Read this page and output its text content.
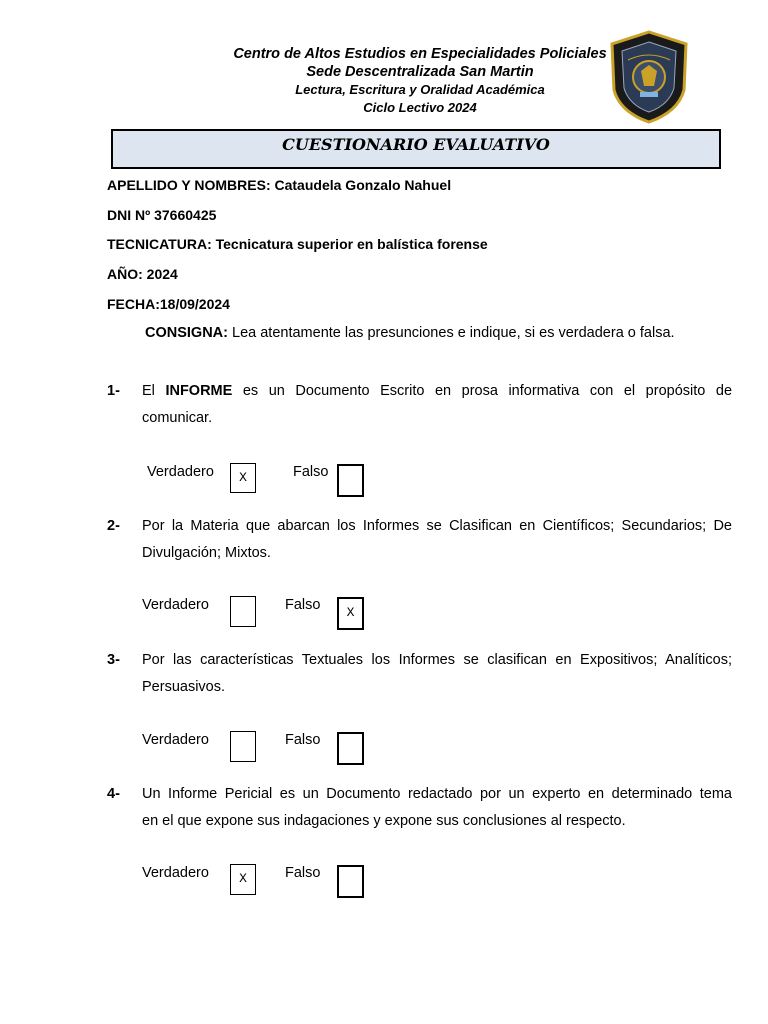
Centro de Altos Estudios en Especialidades Policiales
Sede Descentralizada San Martin
Lectura, Escritura y Oralidad Académica
Ciclo Lectivo 2024
CUESTIONARIO EVALUATIVO
APELLIDO Y NOMBRES: Cataudela Gonzalo Nahuel
DNI Nº 37660425
TECNICATURA: Tecnicatura superior en balística forense
AÑO: 2024
FECHA:18/09/2024
CONSIGNA: Lea atentamente las presunciones e indique, si es verdadera o falsa.
1- El INFORME es un Documento Escrito en prosa informativa con el propósito de
comunicar.
Verdadero	X	Falso
2- Por la Materia que abarcan los Informes se Clasifican en Científicos; Secundarios; De
Divulgación; Mixtos.
Verdadero	Falso	X
3- Por las características Textuales los Informes se clasifican en Expositivos; Analíticos;
Persuasivos.
Verdadero	Falso
4- Un Informe Pericial es un Documento redactado por un experto en determinado tema
en el que expone sus indagaciones y expone sus conclusiones al respecto.
Verdadero	X	Falso
